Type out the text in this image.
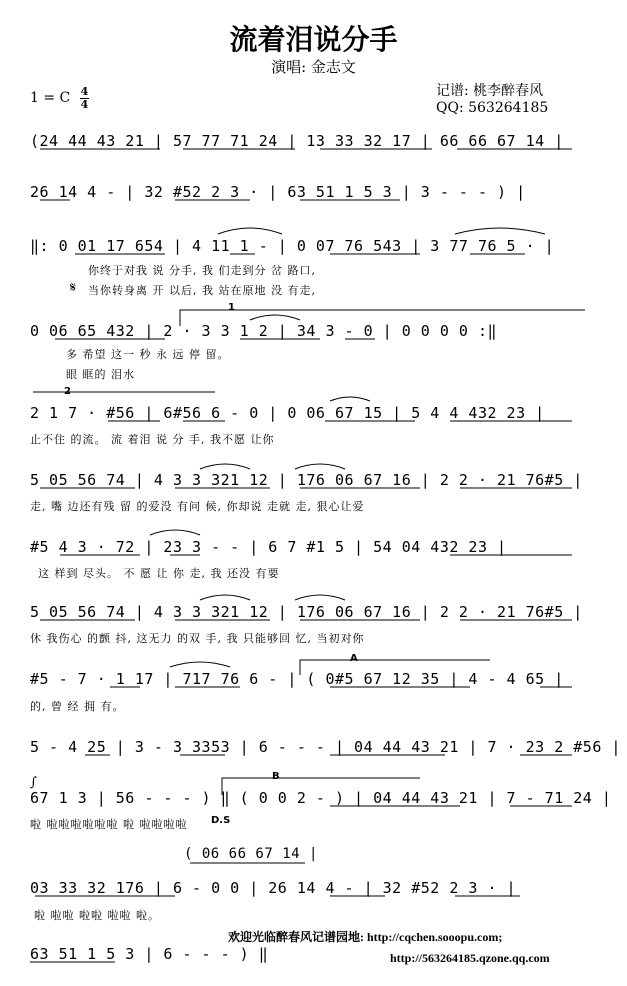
流着泪说分手
演唱: 金志文
1 = C 4
4
记谱: 桃李醉春风
QQ: 563264185
(24 44 43 21 | 57 77 71 24 | 13 33 32 17 | 66 66 67 14 |
26 14 4 - | 32 #52 2 3 · | 63 51 1 5 3 | 3 - - - ) |
‖: 0 01 17 654 | 4 11 1 - | 0 07 76 543 | 3 77 76 5 · |
你终于对我 说 分手, 我 们走到分 岔 路口,
当你转身离 开 以后, 我 站在原地 没 有走,
𝄋
0 06 65 432 | 2 · 3 3 1 2 | 34 3 - 0 | 0 0 0 0 :‖
多 希望 这一 秒 永 远 停 留。
眼 眶的 泪水
1
2 1 7 · #56 | 6#56 6 - 0 | 0 06 67 15 | 5 4 4 432 23 |
止不住 的流。 流 着泪 说 分 手, 我不愿 让你
2
5 05 56 74 | 4 3 3 321 12 | 176 06 67 16 | 2 2 · 21 76#5 |
走, 嘴 边还有残 留 的爱没 有问 候, 你却说 走就 走, 狠心让爱
#5 4 3 · 72 | 23 3 - - | 6 7 #1 5 | 54 04 432 23 |
这 样到 尽头。 不 愿 让 你 走, 我 还没 有要
5 05 56 74 | 4 3 3 321 12 | 176 06 67 16 | 2 2 · 21 76#5 |
休 我伤心 的颤 抖, 这无力 的双 手, 我 只能够回 忆, 当初对你
#5 - 7 · 1 17 | 717 76 6 - | ( 0#5 67 12 35 | 4 - 4 65 |
的, 曾 经 拥 有。
A
5 - 4 25 | 3 - 3 3353 | 6 - - - | 04 44 43 21 | 7 · 23 2 #56 |
67 1 3 | 56 - - - ) ‖ ( 0 0 2 - ) | 04 44 43 21 | 7 - 71 24 |
啦 啦啦啦啦啦啦 啦 啦啦啦啦
B
D.S
∫
( 06 66 67 14 |
03 33 32 176 | 6 - 0 0 | 26 14 4 - | 32 #52 2 3 · |
啦 啦啦 啦啦 啦啦 啦。
欢迎光临醉春风记谱园地: http://cqchen.sooopu.com;
63 51 1 5 3 | 6 - - - ) ‖	http://563264185.qzone.qq.com
